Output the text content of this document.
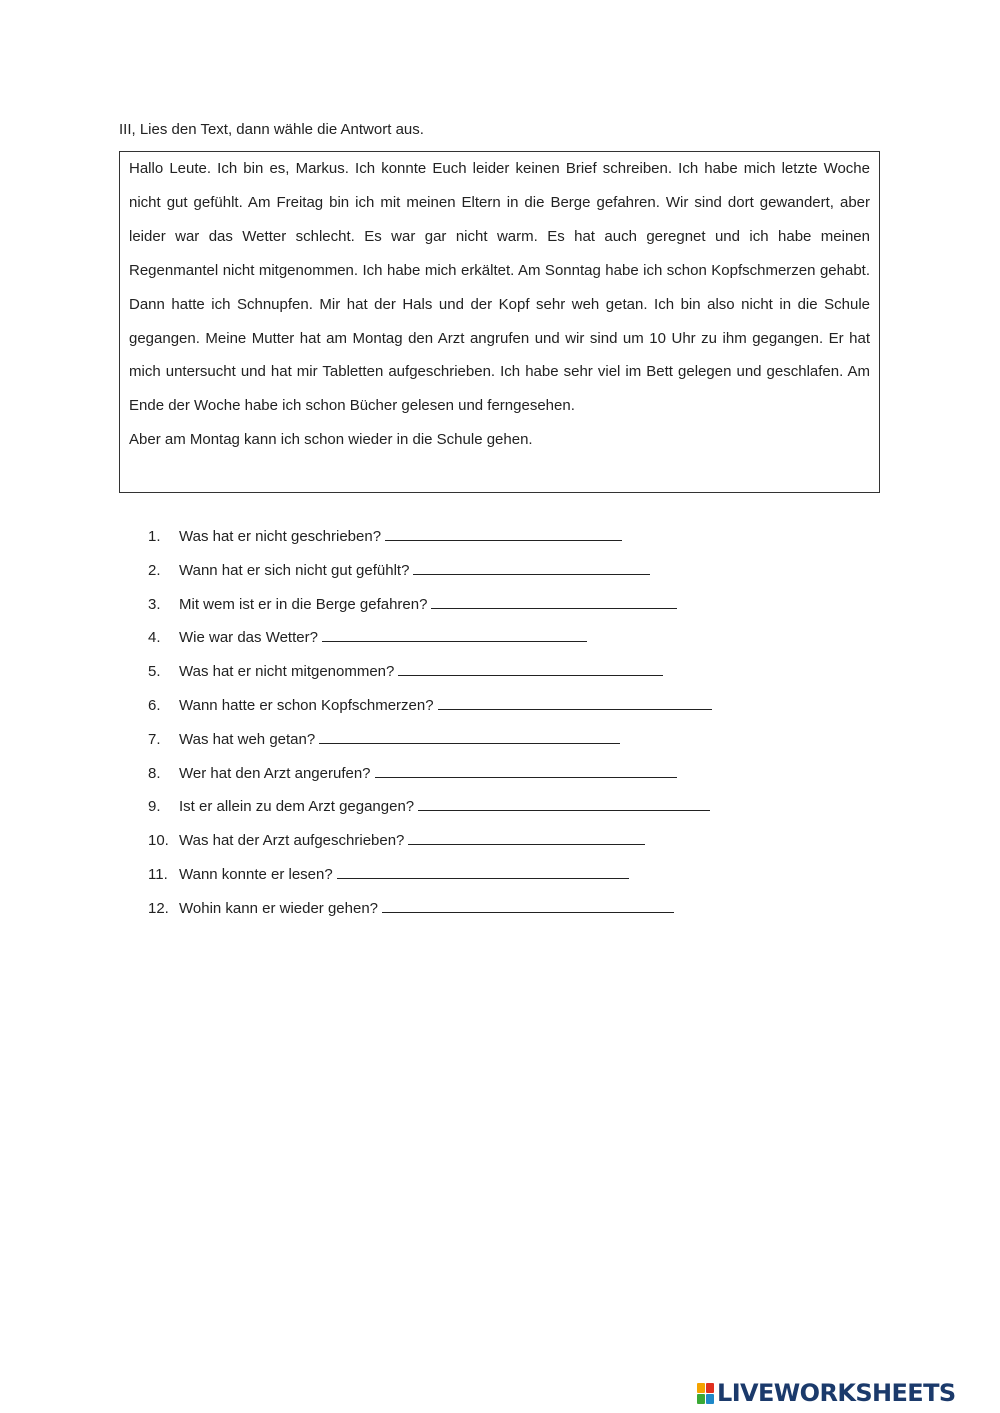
III, Lies den Text, dann wähle die Antwort aus.

Hallo Leute. Ich bin es, Markus. Ich konnte Euch leider keinen Brief schreiben. Ich habe mich letzte Woche nicht gut gefühlt. Am Freitag bin ich mit meinen Eltern in die Berge gefahren. Wir sind dort gewandert, aber leider war das Wetter schlecht. Es war gar nicht warm. Es hat auch geregnet und ich habe meinen Regenmantel nicht mitgenommen. Ich habe mich erkältet. Am Sonntag habe ich schon Kopfschmerzen gehabt. Dann hatte ich Schnupfen. Mir hat der Hals und der Kopf sehr weh getan. Ich bin also nicht in die Schule gegangen. Meine Mutter hat am Montag den Arzt angrufen und wir sind um 10 Uhr zu ihm gegangen. Er hat mich untersucht und hat mir Tabletten aufgeschrieben. Ich habe sehr viel im Bett gelegen und geschlafen. Am Ende der Woche habe ich schon Bücher gelesen und ferngesehen.

Aber am Montag kann ich schon wieder in die Schule gehen.

1. Was hat er nicht geschrieben?
2. Wann hat er sich nicht gut gefühlt?
3. Mit wem ist er in die Berge gefahren?
4. Wie war das Wetter?
5. Was hat er nicht mitgenommen?
6. Wann hatte er schon Kopfschmerzen?
7. Was hat weh getan?
8. Wer hat den Arzt angerufen?
9. Ist er allein zu dem Arzt gegangen?
10. Was hat der Arzt aufgeschrieben?
11. Wann konnte er lesen?
12. Wohin kann er wieder gehen?
LIVEWORKSHEETS
